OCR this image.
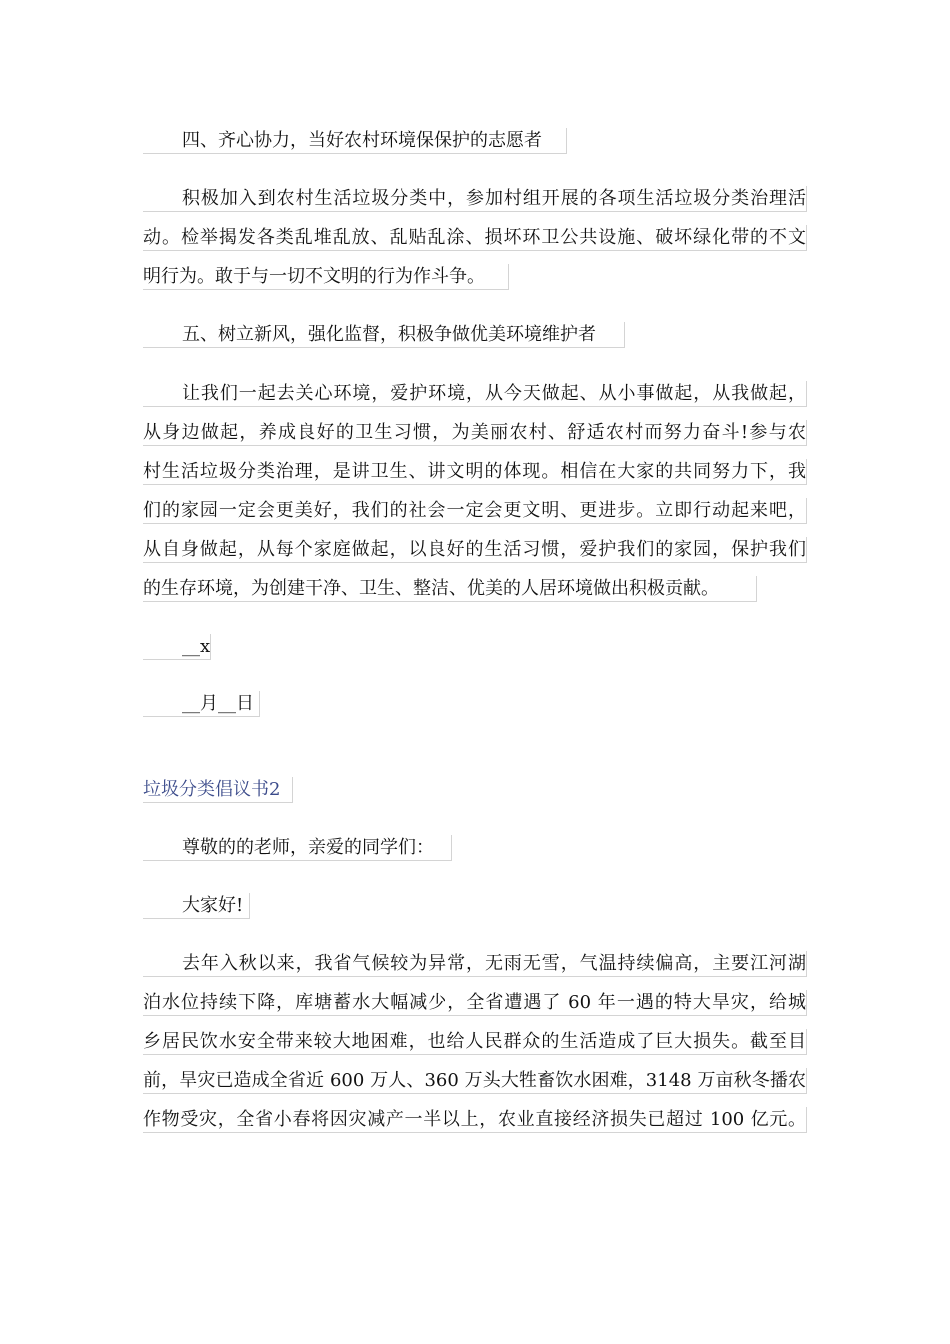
四、齐心协力，当好农村环境保保护的志愿者
积极加入到农村生活垃圾分类中，参加村组开展的各项生活垃圾分类治理活
动。检举揭发各类乱堆乱放、乱贴乱涂、损坏环卫公共设施、破坏绿化带的不文
明行为。敢于与一切不文明的行为作斗争。
五、树立新风，强化监督，积极争做优美环境维护者
让我们一起去关心环境，爱护环境，从今天做起、从小事做起，从我做起，
从身边做起，养成良好的卫生习惯，为美丽农村、舒适农村而努力奋斗!参与农
村生活垃圾分类治理，是讲卫生、讲文明的体现。相信在大家的共同努力下，我
们的家园一定会更美好，我们的社会一定会更文明、更进步。立即行动起来吧，
从自身做起，从每个家庭做起，以良好的生活习惯，爱护我们的家园，保护我们
的生存环境，为创建干净、卫生、整洁、优美的人居环境做出积极贡献。
__x
__月__日
垃圾分类倡议书2
尊敬的的老师，亲爱的同学们：
大家好!
去年入秋以来，我省气候较为异常，无雨无雪，气温持续偏高，主要江河湖
泊水位持续下降，库塘蓄水大幅减少，全省遭遇了 60 年一遇的特大旱灾，给城
乡居民饮水安全带来较大地困难，也给人民群众的生活造成了巨大损失。截至目
前，旱灾已造成全省近 600 万人、360 万头大牲畜饮水困难，3148 万亩秋冬播农
作物受灾，全省小春将因灾减产一半以上，农业直接经济损失已超过 100 亿元。
